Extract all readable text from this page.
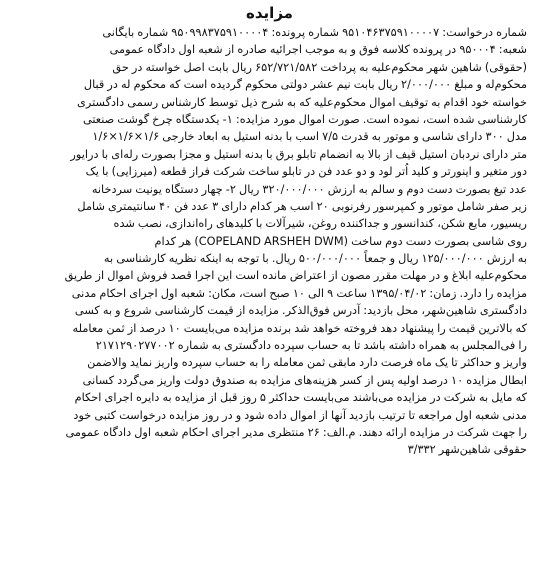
مزایده
شماره درخواست: ۹۵۱۰۴۶۳۷۵۹۱۰۰۰۰۷ شماره پرونده: ۹۵۰۹۹۸۳۷۵۹۱۰۰۰۰۴ شماره بایگانی
شعبه: ۹۵۰۰۰۴ در پرونده کلاسه فوق و به موجب اجرائیه صادره از شعبه اول دادگاه عمومی
(حقوقی) شاهین شهر محکوم‌علیه به پرداخت ۶۵۲/۷۲۱/۵۸۲ ریال بابت اصل خواسته در حق
محکوم‌له و مبلغ ۲/۰۰۰/۰۰۰ ریال بابت نیم عشر دولتی محکوم گردیده است که محکوم له در قبال
خواسته خود اقدام به توقیف اموال محکوم‌علیه که به شرح ذیل توسط کارشناس رسمی دادگستری
کارشناسی شده است، نموده است. صورت اموال مورد مزایده: ۱- یکدستگاه چرخ گوشت صنعتی
مدل ۳۰۰ دارای شاسی و موتور به قدرت ۷/۵ اسب با بدنه استیل به ابعاد خارجی ۱/۶×۱/۶×۱/۶
متر دارای نردبان استیل قیف از بالا به انضمام تابلو برق با بدنه استیل و مجزا بصورت رله‌ای با درایور
دور متغیر و اینورتر و کلید اُتر لود و دو عدد فن در تابلو ساخت شرکت فراز قطعه (میرزایی) با یک
عدد تیغ بصورت دست دوم و سالم به ارزش ۳۲۰/۰۰۰/۰۰۰ ریال ۲- چهار دستگاه یونیت سردخانه
زیر صفر شامل موتور و کمپرسور رفرنوبی ۲۰ اسب هر کدام دارای ۳ عدد فن ۴۰ سانتیمتری شامل
ریسیور، مایع شکن، کندانسور و جداکننده روغن، شیرآلات با کلیدهای راه‌اندازی، نصب شده
روی شاسی بصورت دست دوم ساخت (COPELAND ARSHEH DWM) هر کدام
به ارزش ۱۲۵/۰۰۰/۰۰۰ ریال و جمعاً ۵۰۰/۰۰۰/۰۰۰ ریال. با توجه به اینکه نظریه کارشناسی به
محکوم‌علیه ابلاغ و در مهلت مقرر مصون از اعتراض مانده است این اجرا قصد فروش اموال از طریق
مزایده را دارد. زمان: ۱۳۹۵/۰۴/۰۲ ساعت ۹ الی ۱۰ صبح است، مکان: شعبه اول اجرای احکام مدنی
دادگستری شاهین‌شهر، محل بازدید: آدرس فوق‌الذکر. مزایده از قیمت کارشناسی شروع و به کسی
که بالاترین قیمت را پیشنهاد دهد فروخته خواهد شد برنده مزایده می‌بایست ۱۰ درصد از ثمن معامله
را فی‌المجلس به همراه داشته باشد تا به حساب سپرده دادگستری به شماره ۲۱۷۱۲۹۰۲۷۷۰۰۲
واریز و حداکثر تا یک ماه فرصت دارد مابقی ثمن معامله را به حساب سپرده واریز نماید والاضمن
ابطال مزایده ۱۰ درصد اولیه پس از کسر هزینه‌های مزایده به صندوق دولت واریز می‌گردد کسانی
که مایل به شرکت در مزایده می‌باشند می‌بایست حداکثر ۵ روز قبل از مزایده به دایره اجرای احکام
مدنی شعبه اول مراجعه تا ترتیب بازدید آنها از اموال داده شود و در روز مزایده درخواست کتبی خود
را جهت شرکت در مزایده ارائه دهند. م.الف: ۲۶ منتظری مدیر اجرای احکام شعبه اول دادگاه عمومی
حقوقی شاهین‌شهر ۳/۳۳۲
